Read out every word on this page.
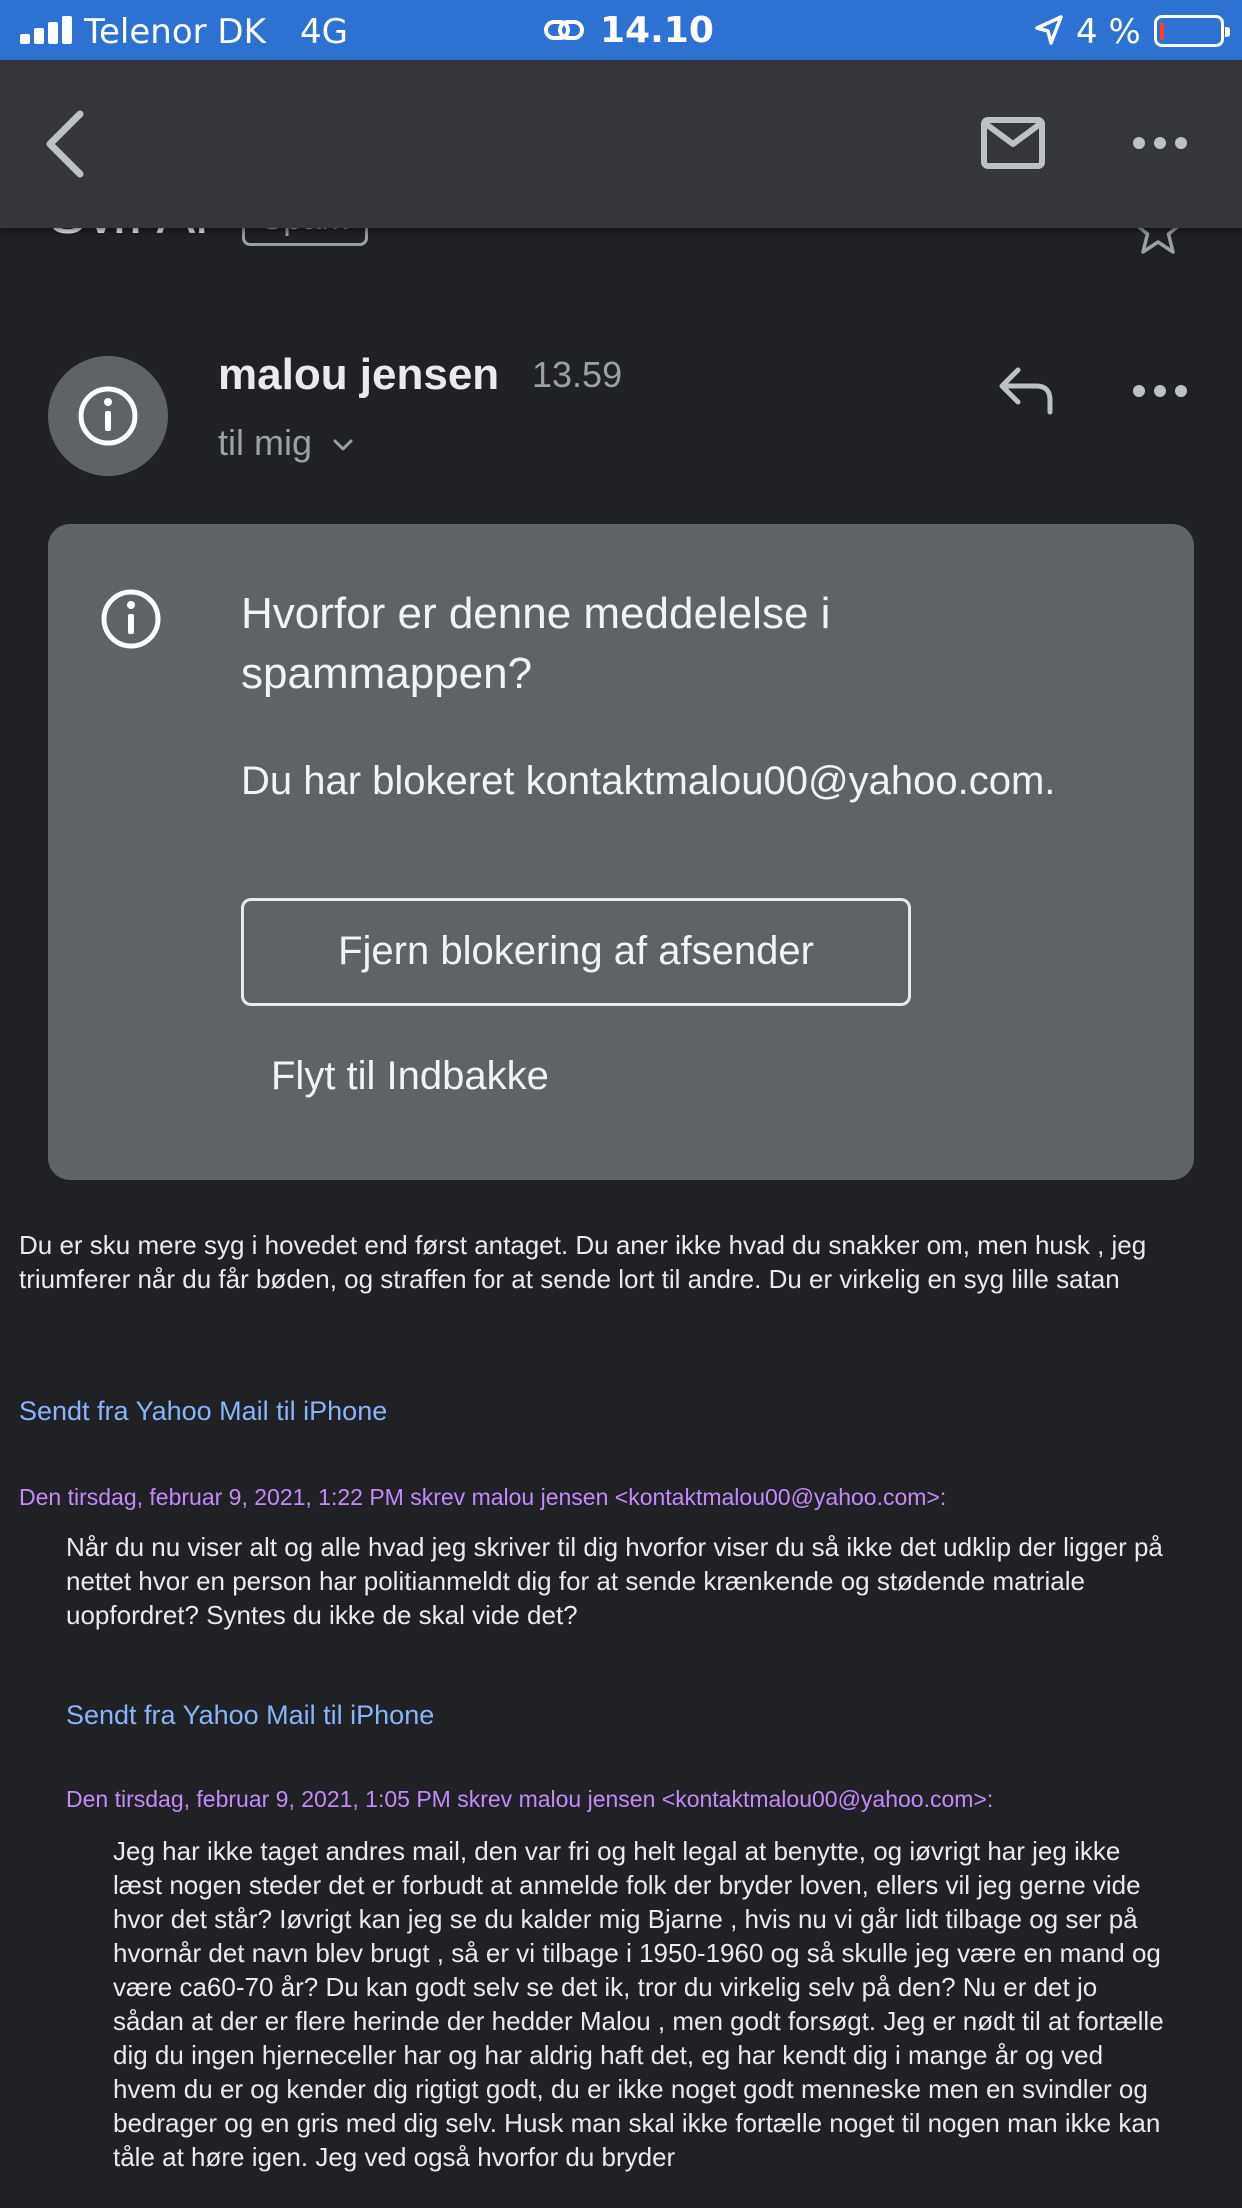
Telenor DK 4G	14.10	4 %
malou jensen 13.59
til mig
Hvorfor er denne meddelelse i spammappen?
Du har blokeret kontaktmalou00@yahoo.com.
Fjern blokering af afsender
Flyt til Indbakke
Du er sku mere syg i hovedet end først antaget. Du aner ikke hvad du snakker om, men husk , jeg triumferer når du får bøden, og straffen for at sende lort til andre. Du er virkelig en syg lille satan
Sendt fra Yahoo Mail til iPhone
Den tirsdag, februar 9, 2021, 1:22 PM skrev malou jensen <kontaktmalou00@yahoo.com>:
Når du nu viser alt og alle hvad jeg skriver til dig hvorfor viser du så ikke det udklip der ligger på nettet hvor en person har politianmeldt dig for at sende krænkende og stødende matriale uopfordret? Syntes du ikke de skal vide det?
Sendt fra Yahoo Mail til iPhone
Den tirsdag, februar 9, 2021, 1:05 PM skrev malou jensen <kontaktmalou00@yahoo.com>:
Jeg har ikke taget andres mail, den var fri og helt legal at benytte, og iøvrigt har jeg ikke læst nogen steder det er forbudt at anmelde folk der bryder loven, ellers vil jeg gerne vide hvor det står? Iøvrigt kan jeg se du kalder mig Bjarne , hvis nu vi går lidt tilbage og ser på hvornår det navn blev brugt , så er vi tilbage i 1950-1960 og så skulle jeg være en mand og være ca60-70 år? Du kan godt selv se det ik, tror du virkelig selv på den? Nu er det jo sådan at der er flere herinde der hedder Malou , men godt forsøgt. Jeg er nødt til at fortælle dig du ingen hjerneceller har og har aldrig haft det, eg har kendt dig i mange år og ved hvem du er og kender dig rigtigt godt, du er ikke noget godt menneske men en svindler og bedrager og en gris med dig selv. Husk man skal ikke fortælle noget til nogen man ikke kan tåle at høre igen. Jeg ved også hvorfor du bryder
